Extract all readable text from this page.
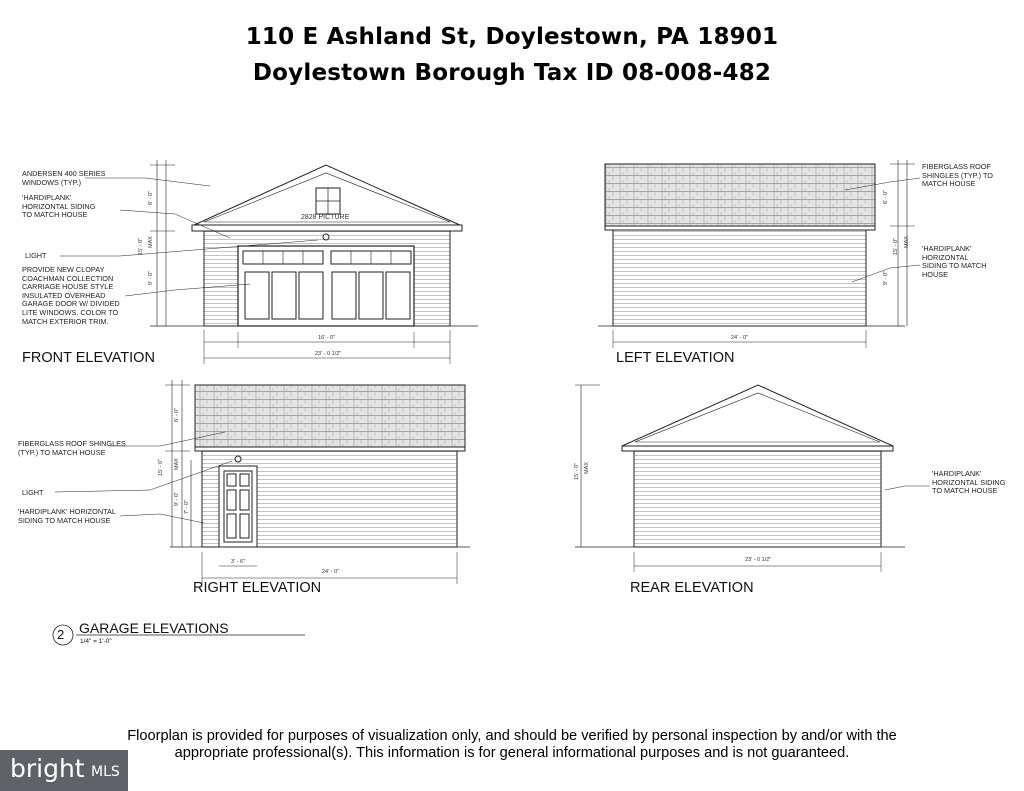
110 E Ashland St, Doylestown, PA 18901
Doylestown Borough Tax ID 08-008-482
ANDERSEN 400 SERIES WINDOWS (TYP.)
'HARDIPLANK' HORIZONTAL SIDING TO MATCH HOUSE
LIGHT
PROVIDE NEW CLOPAY COACHMAN COLLECTION CARRIAGE HOUSE STYLE INSULATED OVERHEAD GARAGE DOOR W/ DIVIDED LITE WINDOWS. COLOR TO MATCH EXTERIOR TRIM.
2828 PICTURE
16' - 0"
23' - 0 1/2"
6' - 0"
15' - 0" MAX
9' - 0"
FRONT ELEVATION
FIBERGLASS ROOF SHINGLES (TYP.) TO MATCH HOUSE
'HARDIPLANK' HORIZONTAL SIDING TO MATCH HOUSE
24' - 0"
6' - 0"
15' - 0" MAX
9' - 0"
LEFT ELEVATION
FIBERGLASS ROOF SHINGLES (TYP.) TO MATCH HOUSE
LIGHT
'HARDIPLANK' HORIZONTAL SIDING TO MATCH HOUSE
3' - 6"
24' - 0"
6' - 0"
15' - 0" MAX
9' - 0"
7' - 0"
RIGHT ELEVATION
'HARDIPLANK' HORIZONTAL SIDING TO MATCH HOUSE
23' - 0 1/2"
15' - 0" MAX
REAR ELEVATION
2 GARAGE ELEVATIONS
1/4" = 1'-0"
Floorplan is provided for purposes of visualization only, and should be verified by personal inspection by and/or with the appropriate professional(s). This information is for general informational purposes and is not guaranteed.
bright MLS
